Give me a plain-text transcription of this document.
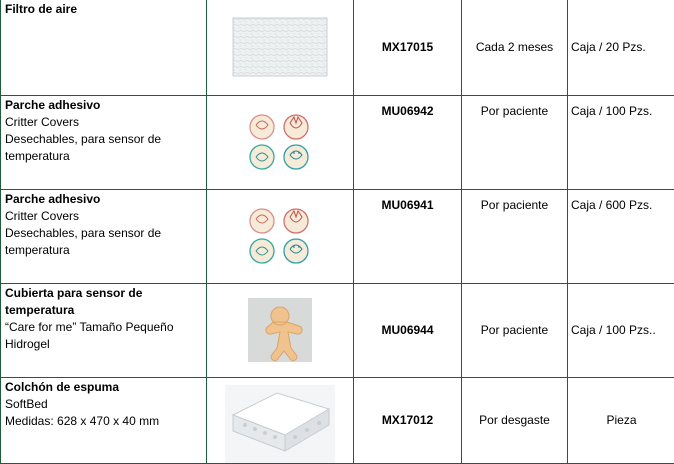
Filtro de aire		MX17015	Cada 2 meses	Caja / 20 Pzs.

Parche adhesivo
Critter Covers
Desechables, para sensor de
temperatura		MU06942	Por paciente	Caja / 100 Pzs.

Parche adhesivo
Critter Covers
Desechables, para sensor de
temperatura		MU06941	Por paciente	Caja / 600 Pzs.

Cubierta para sensor de temperatura
“Care for me” Tamaño Pequeño
Hidrogel		MU06944	Por paciente	Caja / 100 Pzs..

Colchón de espuma
SoftBed
Medidas: 628 x 470 x 40 mm		MX17012	Por desgaste	Pieza
